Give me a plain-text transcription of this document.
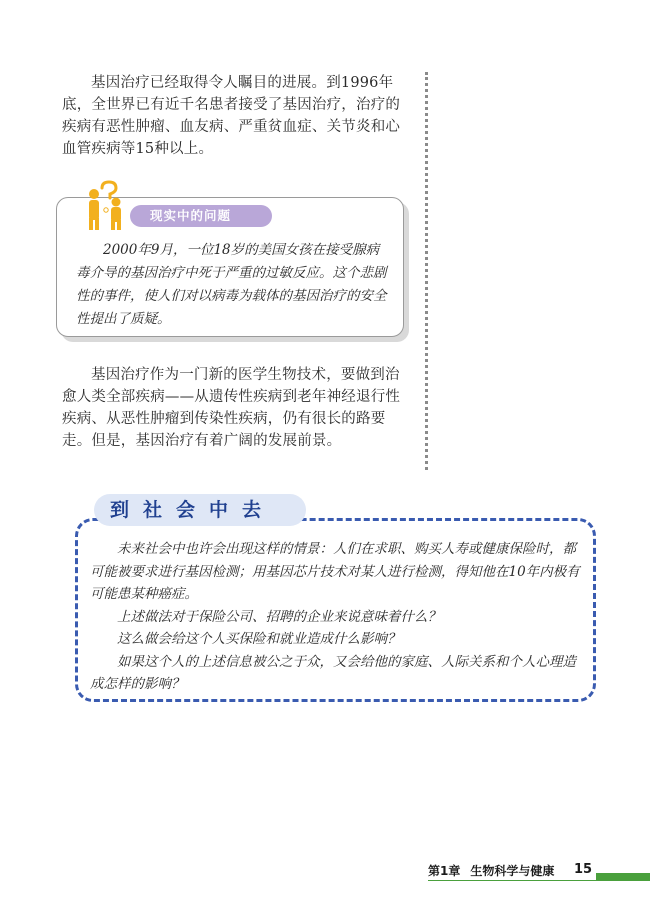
基因治疗已经取得令人瞩目的进展。到1996年底，全世界已有近千名患者接受了基因治疗，治疗的疾病有恶性肿瘤、血友病、严重贫血症、关节炎和心血管疾病等15种以上。

现实中的问题

2000年9月，一位18岁的美国女孩在接受腺病毒介导的基因治疗中死于严重的过敏反应。这个悲剧性的事件，使人们对以病毒为载体的基因治疗的安全性提出了质疑。

基因治疗作为一门新的医学生物技术，要做到治愈人类全部疾病——从遗传性疾病到老年神经退行性疾病、从恶性肿瘤到传染性疾病，仍有很长的路要走。但是，基因治疗有着广阔的发展前景。

到社会中去

未来社会中也许会出现这样的情景：人们在求职、购买人寿或健康保险时，都可能被要求进行基因检测；用基因芯片技术对某人进行检测，得知他在10年内极有可能患某种癌症。

上述做法对于保险公司、招聘的企业来说意味着什么？

这么做会给这个人买保险和就业造成什么影响？

如果这个人的上述信息被公之于众，又会给他的家庭、人际关系和个人心理造成怎样的影响？

第1章 生物科学与健康 15
